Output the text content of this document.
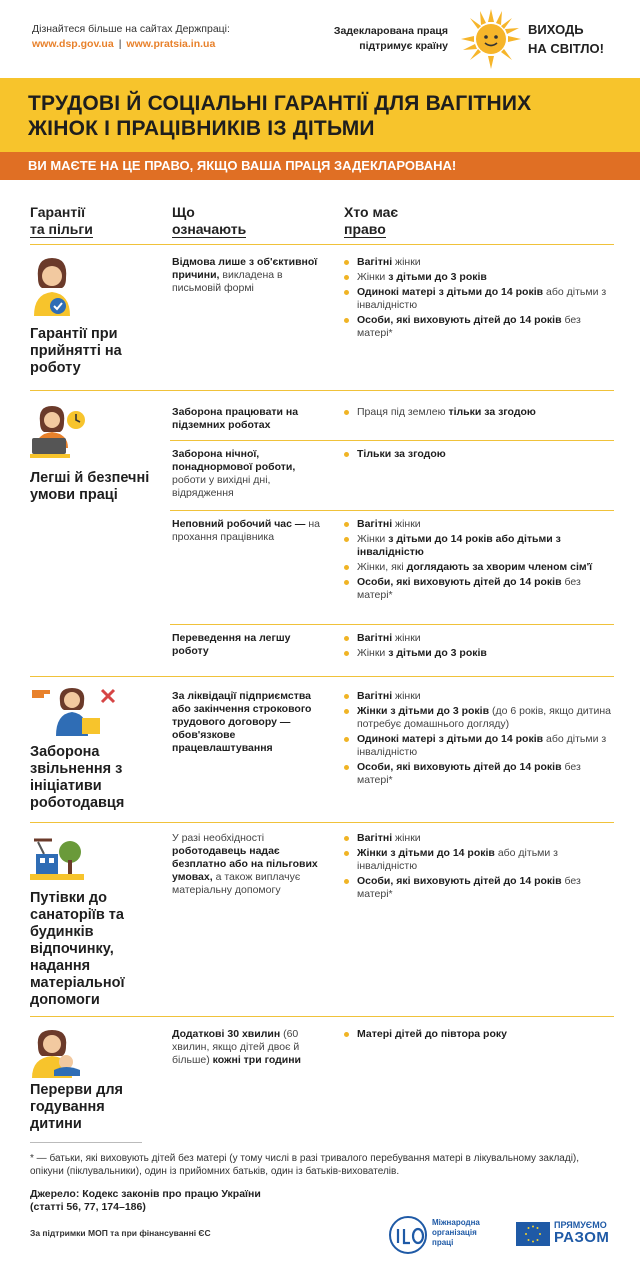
Дізнайтеся більше на сайтах Держпраці:
www.dsp.gov.ua | www.pratsia.in.ua
Задекларована праця
підтримує країну
ВИХОДЬ
НА СВІТЛО!
ТРУДОВІ Й СОЦІАЛЬНІ ГАРАНТІЇ ДЛЯ ВАГІТНИХ
ЖІНОК І ПРАЦІВНИКІВ ІЗ ДІТЬМИ
ВИ МАЄТЕ НА ЦЕ ПРАВО, ЯКЩО ВАША ПРАЦЯ ЗАДЕКЛАРОВАНА!
Гарантії
та пільги
Що
означають
Хто має
право
Гарантії при прийнятті на роботу
Відмова лише з об'єктивної причини, викладена в письмовій формі
Вагітні жінки
Жінки з дітьми до 3 років
Одинокі матері з дітьми до 14 років або дітьми з інвалідністю
Особи, які виховують дітей до 14 років без матері*
Легші й безпечні умови праці
Заборона працювати на підземних роботах
Праця під землею тільки за згодою
Заборона нічної, понаднормової роботи, роботи у вихідні дні, відрядження
Тільки за згодою
Неповний робочий час — на прохання працівника
Вагітні жінки
Жінки з дітьми до 14 років або дітьми з інвалідністю
Жінки, які доглядають за хворим членом сім'ї
Особи, які виховують дітей до 14 років без матері*
Переведення на легшу роботу
Вагітні жінки
Жінки з дітьми до 3 років
Заборона звільнення з ініціативи роботодавця
За ліквідації підприємства або закінчення строкового трудового договору — обов'язкове працевлаштування
Вагітні жінки
Жінки з дітьми до 3 років (до 6 років, якщо дитина потребує домашнього догляду)
Одинокі матері з дітьми до 14 років або дітьми з інвалідністю
Особи, які виховують дітей до 14 років без матері*
Путівки до санаторіїв та будинків відпочинку, надання матеріальної допомоги
У разі необхідності роботодавець надає безплатно або на пільгових умовах, а також виплачує матеріальну допомогу
Вагітні жінки
Жінки з дітьми до 14 років або дітьми з інвалідністю
Особи, які виховують дітей до 14 років без матері*
Перерви для годування дитини
Додаткові 30 хвилин (60 хвилин, якщо дітей двоє й більше) кожні три години
Матері дітей до півтора року
* — батьки, які виховують дітей без матері (у тому числі в разі тривалого перебування матері в лікувальному закладі), опікуни (піклувальники), один із прийомних батьків, один із батьків-вихователів.
Джерело: Кодекс законів про працю України
(статті 56, 77, 174–186)
За підтримки МОП та при фінансуванні ЄС
Міжнародна
організація
праці
ПРЯМУЄМО
РАЗОМ
